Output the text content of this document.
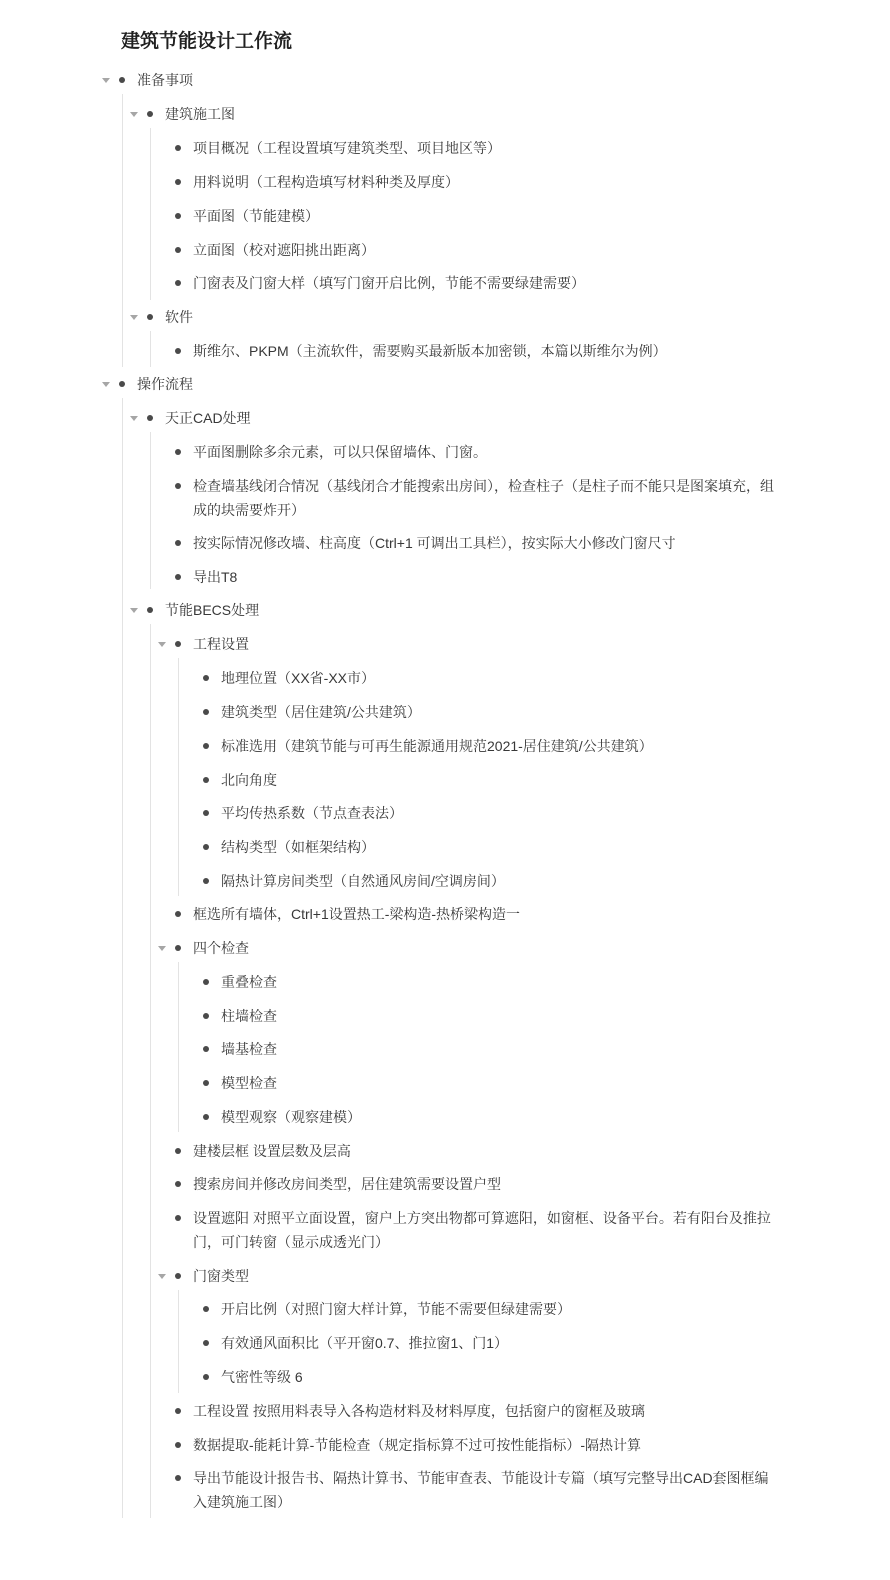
建筑节能设计工作流
准备事项
建筑施工图
项目概况（工程设置填写建筑类型、项目地区等）
用料说明（工程构造填写材料种类及厚度）
平面图（节能建模）
立面图（校对遮阳挑出距离）
门窗表及门窗大样（填写门窗开启比例，节能不需要绿建需要）
软件
斯维尔、PKPM（主流软件，需要购买最新版本加密锁，本篇以斯维尔为例）
操作流程
天正CAD处理
平面图删除多余元素，可以只保留墙体、门窗。
检查墙基线闭合情况（基线闭合才能搜索出房间），检查柱子（是柱子而不能只是图案填充，组成的块需要炸开）
按实际情况修改墙、柱高度（Ctrl+1 可调出工具栏），按实际大小修改门窗尺寸
导出T8
节能BECS处理
工程设置
地理位置（XX省-XX市）
建筑类型（居住建筑/公共建筑）
标准选用（建筑节能与可再生能源通用规范2021-居住建筑/公共建筑）
北向角度
平均传热系数（节点查表法）
结构类型（如框架结构）
隔热计算房间类型（自然通风房间/空调房间）
框选所有墙体，Ctrl+1设置热工-梁构造-热桥梁构造一
四个检查
重叠检查
柱墙检查
墙基检查
模型检查
模型观察（观察建模）
建楼层框 设置层数及层高
搜索房间并修改房间类型，居住建筑需要设置户型
设置遮阳 对照平立面设置，窗户上方突出物都可算遮阳，如窗框、设备平台。若有阳台及推拉门，可门转窗（显示成透光门）
门窗类型
开启比例（对照门窗大样计算，节能不需要但绿建需要）
有效通风面积比（平开窗0.7、推拉窗1、门1）
气密性等级 6
工程设置 按照用料表导入各构造材料及材料厚度，包括窗户的窗框及玻璃
数据提取-能耗计算-节能检查（规定指标算不过可按性能指标）-隔热计算
导出节能设计报告书、隔热计算书、节能审查表、节能设计专篇（填写完整导出CAD套图框编入建筑施工图）
